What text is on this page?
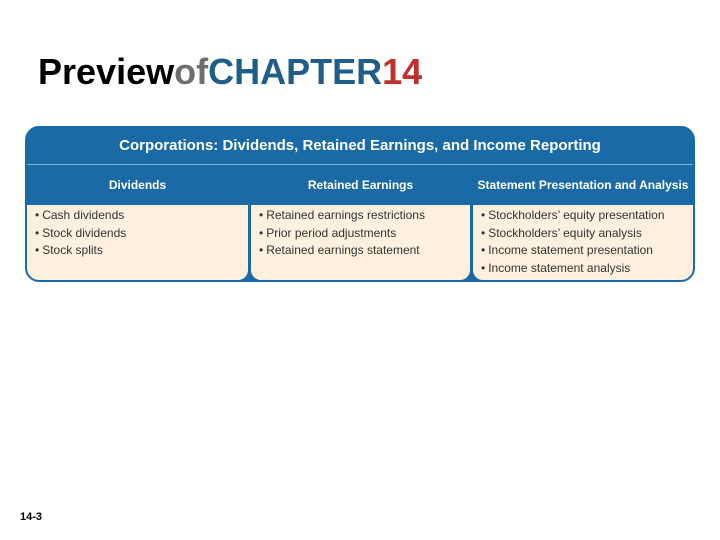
PreviewofCHAPTER14
Corporations: Dividends, Retained Earnings, and Income Reporting
Dividends
• Cash dividends
• Stock dividends
• Stock splits
Retained Earnings
• Retained earnings restrictions
• Prior period adjustments
• Retained earnings statement
Statement Presentation and Analysis
• Stockholders’ equity presentation
• Stockholders’ equity analysis
• Income statement presentation
• Income statement analysis
14-3
